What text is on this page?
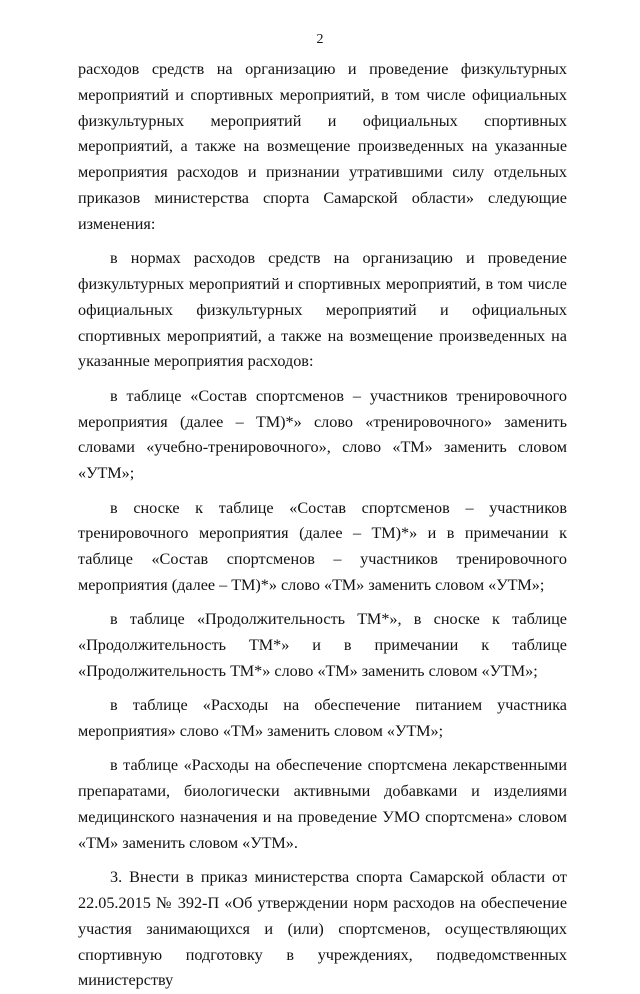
2

расходов средств на организацию и проведение физкультурных мероприятий и спортивных мероприятий, в том числе официальных физкультурных мероприятий и официальных спортивных мероприятий, а также на возмещение произведенных на указанные мероприятия расходов и признании утратившими силу отдельных приказов министерства спорта Самарской области» следующие изменения:

в нормах расходов средств на организацию и проведение физкультурных мероприятий и спортивных мероприятий, в том числе официальных физкультурных мероприятий и официальных спортивных мероприятий, а также на возмещение произведенных на указанные мероприятия расходов:

в таблице «Состав спортсменов – участников тренировочного мероприятия (далее – ТМ)*» слово «тренировочного» заменить словами «учебно-тренировочного», слово «ТМ» заменить словом «УТМ»;

в сноске к таблице «Состав спортсменов – участников тренировочного мероприятия (далее – ТМ)*» и в примечании к таблице «Состав спортсменов – участников тренировочного мероприятия (далее – ТМ)*» слово «ТМ» заменить словом «УТМ»;

в таблице «Продолжительность ТМ*», в сноске к таблице «Продолжительность ТМ*» и в примечании к таблице «Продолжительность ТМ*» слово «ТМ» заменить словом «УТМ»;

в таблице «Расходы на обеспечение питанием участника мероприятия» слово «ТМ» заменить словом «УТМ»;

в таблице «Расходы на обеспечение спортсмена лекарственными препаратами, биологически активными добавками и изделиями медицинского назначения и на проведение УМО спортсмена» словом «ТМ» заменить словом «УТМ».

3. Внести в приказ министерства спорта Самарской области от 22.05.2015 № 392-П «Об утверждении норм расходов на обеспечение участия занимающихся и (или) спортсменов, осуществляющих спортивную подготовку в учреждениях, подведомственных министерству
